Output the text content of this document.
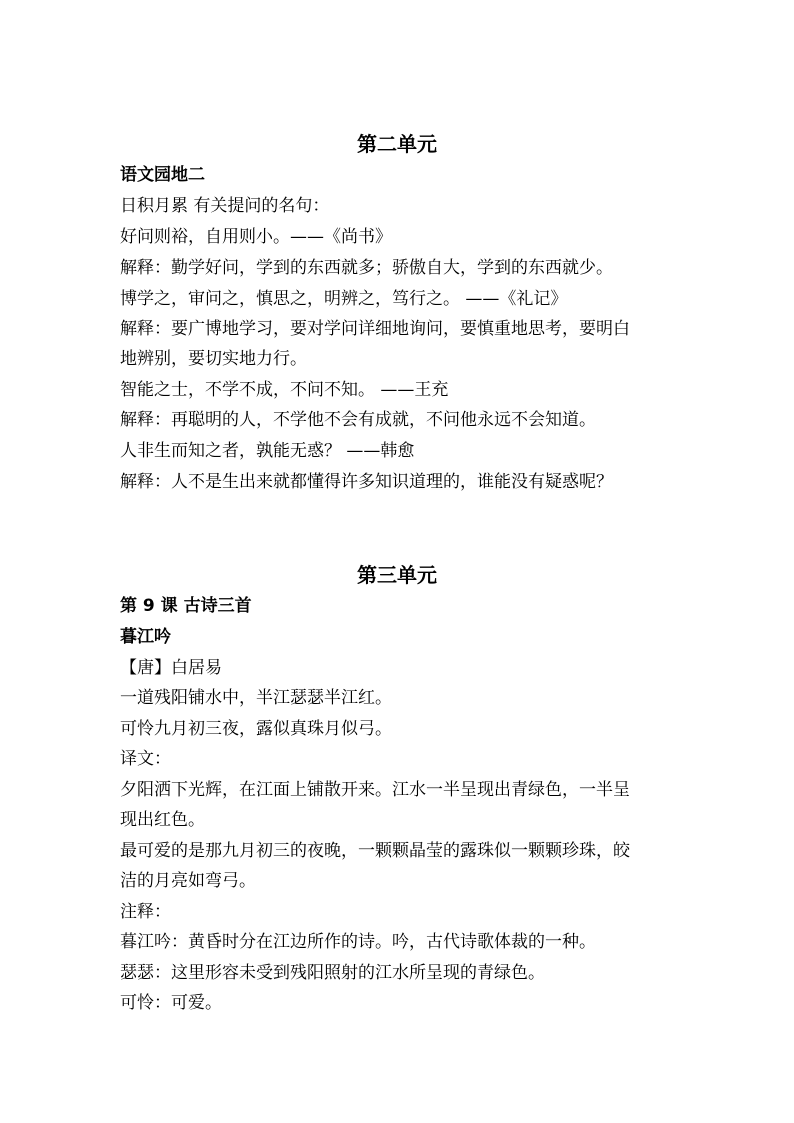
第二单元
语文园地二
日积月累 有关提问的名句：
好问则裕，自用则小。——《尚书》
解释：勤学好问，学到的东西就多；骄傲自大，学到的东西就少。
博学之，审问之，慎思之，明辨之，笃行之。 ——《礼记》
解释：要广博地学习，要对学问详细地询问，要慎重地思考，要明白
地辨别，要切实地力行。
智能之士，不学不成，不问不知。 ——王充
解释：再聪明的人，不学他不会有成就，不问他永远不会知道。
人非生而知之者，孰能无惑？ ——韩愈
解释：人不是生出来就都懂得许多知识道理的，谁能没有疑惑呢？
第三单元
第 9 课 古诗三首
暮江吟
【唐】白居易
一道残阳铺水中，半江瑟瑟半江红。
可怜九月初三夜，露似真珠月似弓。
译文：
夕阳洒下光辉，在江面上铺散开来。江水一半呈现出青绿色，一半呈
现出红色。
最可爱的是那九月初三的夜晚，一颗颗晶莹的露珠似一颗颗珍珠，皎
洁的月亮如弯弓。
注释：
暮江吟：黄昏时分在江边所作的诗。吟，古代诗歌体裁的一种。
瑟瑟：这里形容未受到残阳照射的江水所呈现的青绿色。
可怜：可爱。
